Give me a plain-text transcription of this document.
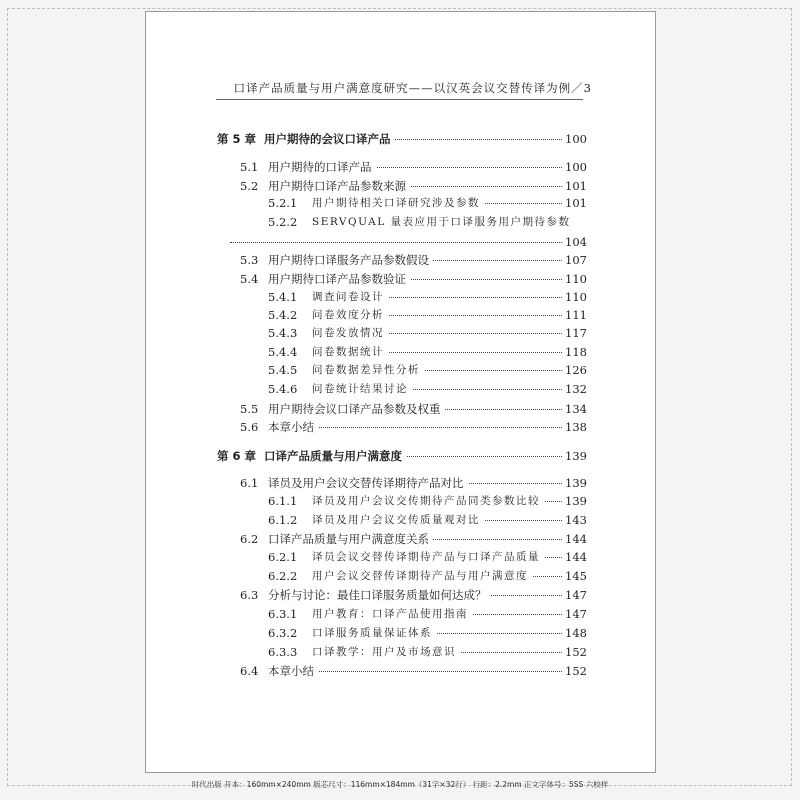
口译产品质量与用户满意度研究——以汉英会议交替传译为例／3
第 5 章 用户期待的会议口译产品	100
5.1 用户期待的口译产品	100
5.2 用户期待口译产品参数来源	101
5.2.1 用户期待相关口译研究涉及参数	101
5.2.2 SERVQUAL 量表应用于口译服务用户期待参数
104
5.3 用户期待口译服务产品参数假设	107
5.4 用户期待口译产品参数验证	110
5.4.1 调查问卷设计	110
5.4.2 问卷效度分析	111
5.4.3 问卷发放情况	117
5.4.4 问卷数据统计	118
5.4.5 问卷数据差异性分析	126
5.4.6 问卷统计结果讨论	132
5.5 用户期待会议口译产品参数及权重	134
5.6 本章小结	138
第 6 章 口译产品质量与用户满意度	139
6.1 译员及用户会议交替传译期待产品对比	139
6.1.1 译员及用户会议交传期待产品同类参数比较	139
6.1.2 译员及用户会议交传质量观对比	143
6.2 口译产品质量与用户满意度关系	144
6.2.1 译员会议交替传译期待产品与口译产品质量	144
6.2.2 用户会议交替传译期待产品与用户满意度	145
6.3 分析与讨论：最佳口译服务质量如何达成？	147
6.3.1 用户教育：口译产品使用指南	147
6.3.2 口译服务质量保证体系	148
6.3.3 口译教学：用户及市场意识	152
6.4 本章小结	152
时代出版 开本：160mm×240mm 版芯尺寸：116mm×184mm（31字×32行） 行距：2.2mm 正文字体号：5SS 六校样
